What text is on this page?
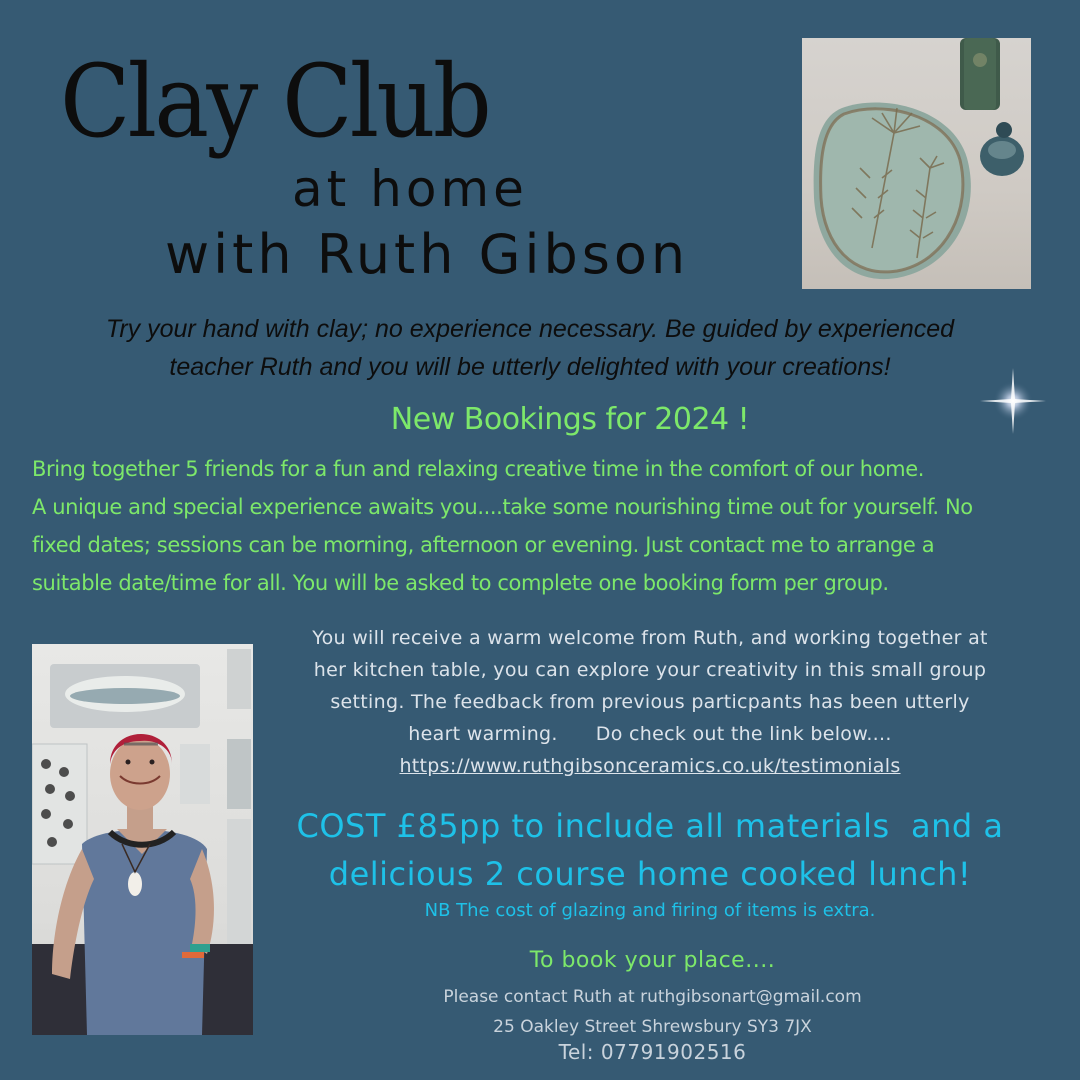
Clay Club
at home
with Ruth Gibson
Try your hand with clay; no experience necessary. Be guided by experienced
teacher Ruth and you will be utterly delighted with your creations!
New Bookings for 2024 !
Bring together 5 friends for a fun and relaxing creative time in the comfort of our home.
A unique and special experience awaits you....take some nourishing time out for yourself. No
fixed dates; sessions can be morning, afternoon or evening. Just contact me to arrange a
suitable date/time for all. You will be asked to complete one booking form per group.
You will receive a warm welcome from Ruth, and working together at
her kitchen table, you can explore your creativity in this small group
setting. The feedback from previous particpants has been utterly
heart warming.      Do check out the link below....
https://www.ruthgibsonceramics.co.uk/testimonials
COST £85pp to include all materials  and a
delicious 2 course home cooked lunch!
NB The cost of glazing and firing of items is extra.
To book your place....
Please contact Ruth at ruthgibsonart@gmail.com
25 Oakley Street Shrewsbury SY3 7JX
Tel: 07791902516
